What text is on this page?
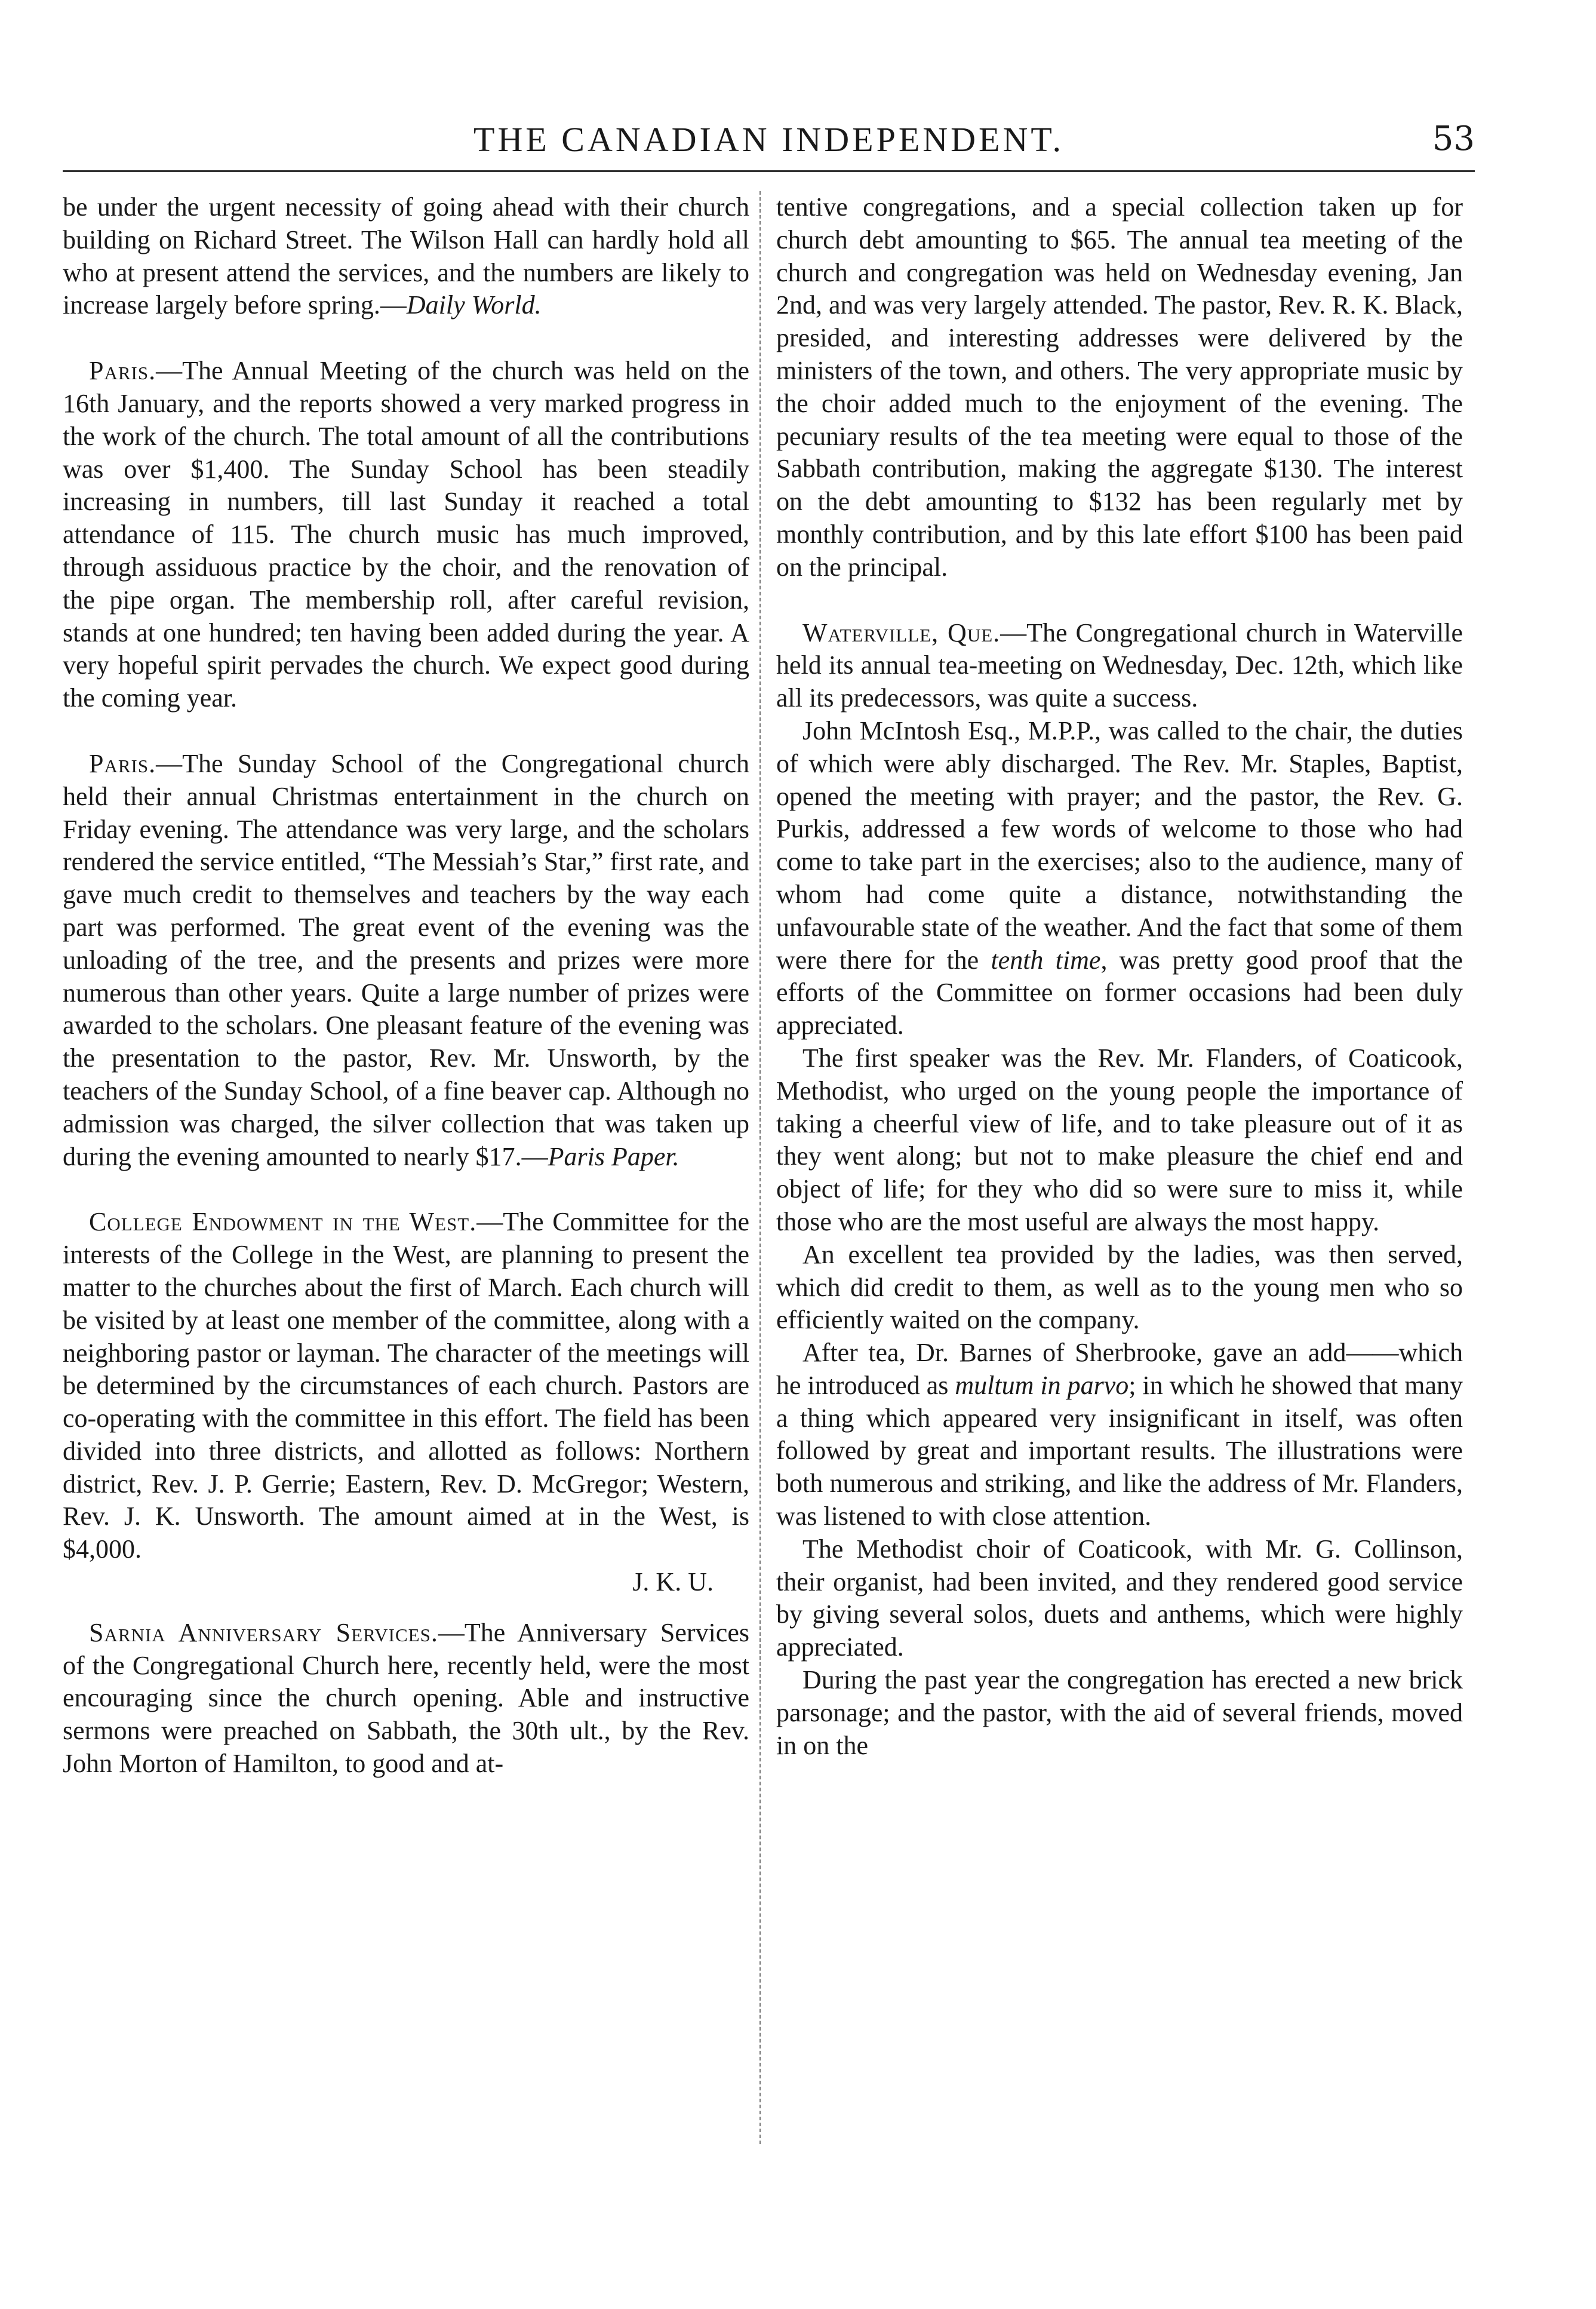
THE CANADIAN INDEPENDENT.	53

be under the urgent necessity of going ahead with their church building on Richard Street. The Wilson Hall can hardly hold all who at present attend the services, and the numbers are likely to increase largely before spring.—Daily World.

Paris.—The Annual Meeting of the church was held on the 16th January, and the reports showed a very marked progress in the work of the church. The total amount of all the contributions was over $1,400. The Sunday School has been steadily increasing in numbers, till last Sunday it reached a total attendance of 115. The church music has much improved, through assiduous practice by the choir, and the renovation of the pipe organ. The membership roll, after careful revision, stands at one hundred; ten having been added during the year. A very hopeful spirit pervades the church. We expect good during the coming year.

Paris.—The Sunday School of the Congregational church held their annual Christmas entertainment in the church on Friday evening. The attendance was very large, and the scholars rendered the service entitled, “The Messiah’s Star,” first rate, and gave much credit to themselves and teachers by the way each part was performed. The great event of the evening was the unloading of the tree, and the presents and prizes were more numerous than other years. Quite a large number of prizes were awarded to the scholars. One pleasant feature of the evening was the presentation to the pastor, Rev. Mr. Unsworth, by the teachers of the Sunday School, of a fine beaver cap. Although no admission was charged, the silver collection that was taken up during the evening amounted to nearly $17.—Paris Paper.

College Endowment in the West.—The Committee for the interests of the College in the West, are planning to present the matter to the churches about the first of March. Each church will be visited by at least one member of the committee, along with a neighboring pastor or layman. The character of the meetings will be determined by the circumstances of each church. Pastors are co-operating with the committee in this effort. The field has been divided into three districts, and allotted as follows: Northern district, Rev. J. P. Gerrie; Eastern, Rev. D. McGregor; Western, Rev. J. K. Unsworth. The amount aimed at in the West, is $4,000.

J. K. U.

Sarnia Anniversary Services.—The Anniversary Services of the Congregational Church here, recently held, were the most encouraging since the church opening. Able and instructive sermons were preached on Sabbath, the 30th ult., by the Rev. John Morton of Hamilton, to good and at-

tentive congregations, and a special collection taken up for church debt amounting to $65. The annual tea meeting of the church and congregation was held on Wednesday evening, Jan 2nd, and was very largely attended. The pastor, Rev. R. K. Black, presided, and interesting addresses were delivered by the ministers of the town, and others. The very appropriate music by the choir added much to the enjoyment of the evening. The pecuniary results of the tea meeting were equal to those of the Sabbath contribution, making the aggregate $130. The interest on the debt amounting to $132 has been regularly met by monthly contribution, and by this late effort $100 has been paid on the principal.

Waterville, Que.—The Congregational church in Waterville held its annual tea-meeting on Wednesday, Dec. 12th, which like all its predecessors, was quite a success.

John McIntosh Esq., M.P.P., was called to the chair, the duties of which were ably discharged. The Rev. Mr. Staples, Baptist, opened the meeting with prayer; and the pastor, the Rev. G. Purkis, addressed a few words of welcome to those who had come to take part in the exercises; also to the audience, many of whom had come quite a distance, notwithstanding the unfavourable state of the weather. And the fact that some of them were there for the tenth time, was pretty good proof that the efforts of the Committee on former occasions had been duly appreciated.

The first speaker was the Rev. Mr. Flanders, of Coaticook, Methodist, who urged on the young people the importance of taking a cheerful view of life, and to take pleasure out of it as they went along; but not to make pleasure the chief end and object of life; for they who did so were sure to miss it, while those who are the most useful are always the most happy.

An excellent tea provided by the ladies, was then served, which did credit to them, as well as to the young men who so efficiently waited on the company.

After tea, Dr. Barnes of Sherbrooke, gave an add——which he introduced as multum in parvo; in which he showed that many a thing which appeared very insignificant in itself, was often followed by great and important results. The illustrations were both numerous and striking, and like the address of Mr. Flanders, was listened to with close attention.

The Methodist choir of Coaticook, with Mr. G. Collinson, their organist, had been invited, and they rendered good service by giving several solos, duets and anthems, which were highly appreciated.

During the past year the congregation has erected a new brick parsonage; and the pastor, with the aid of several friends, moved in on the
